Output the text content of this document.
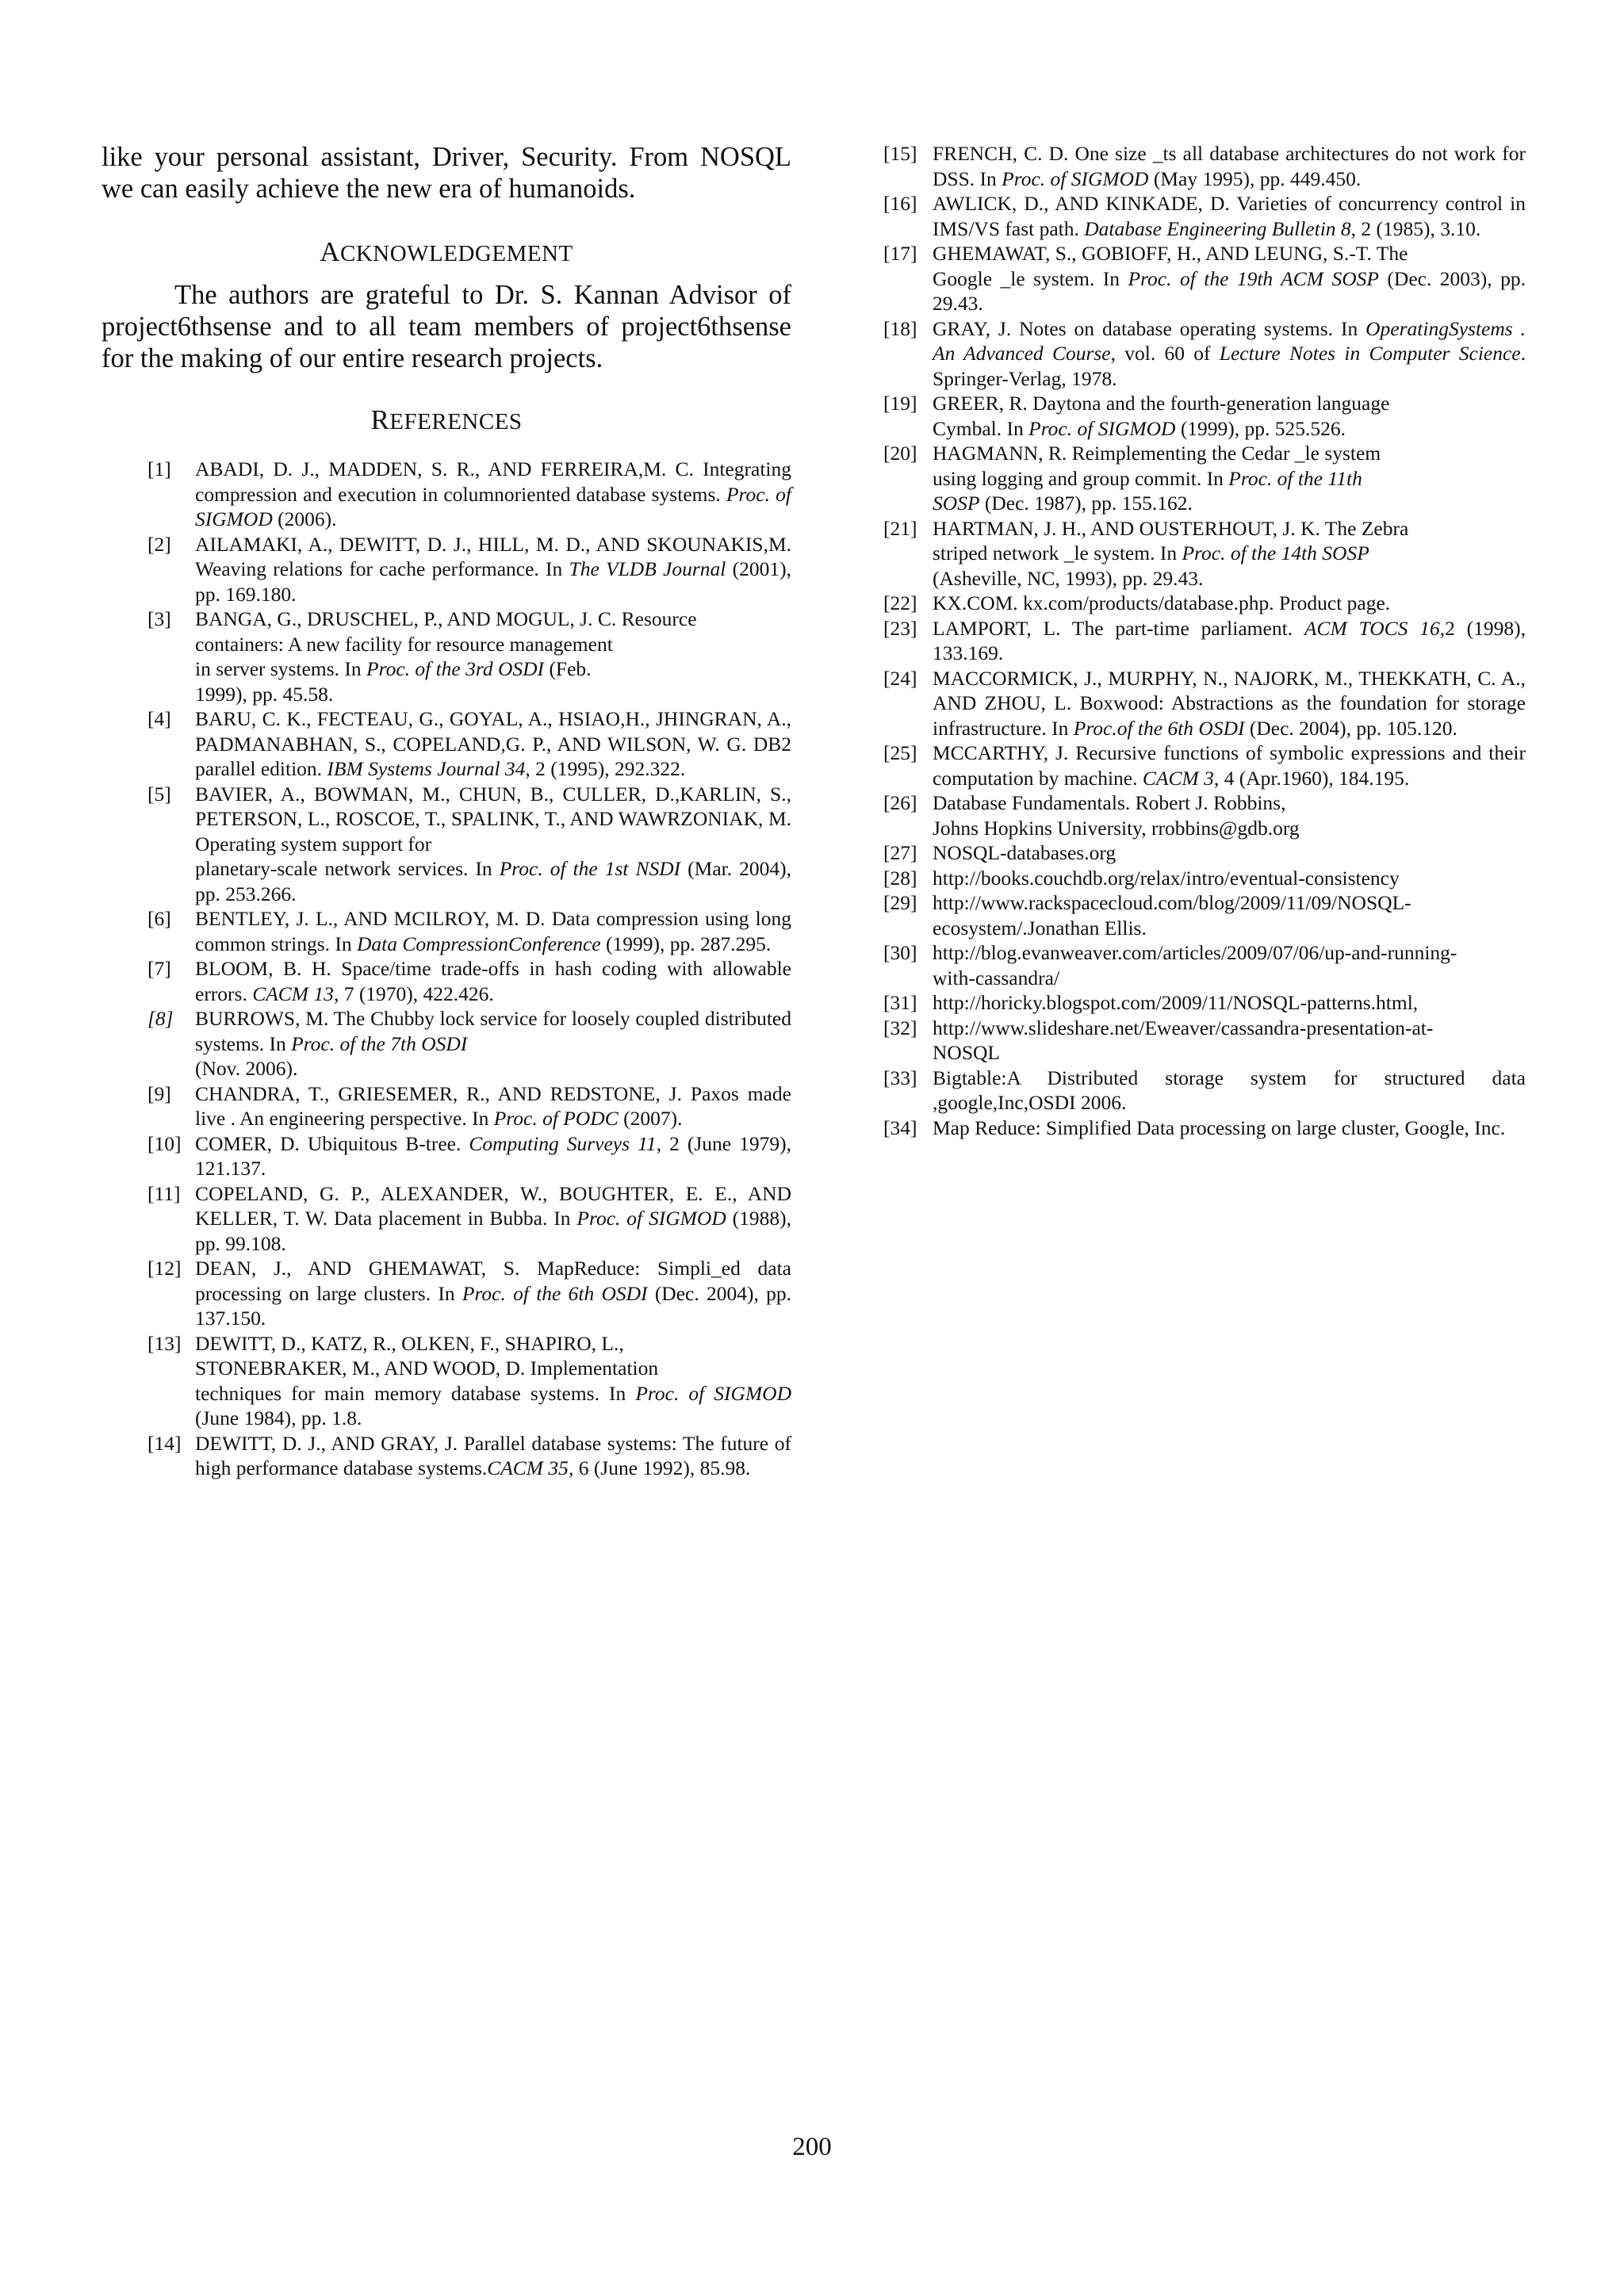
like your personal assistant, Driver, Security. From NOSQL we can easily achieve the new era of humanoids.

ACKNOWLEDGEMENT

The authors are grateful to Dr. S. Kannan Advisor of project6thsense and to all team members of project6thsense for the making of our entire research projects.

REFERENCES
[1]	ABADI, D. J., MADDEN, S. R., AND FERREIRA,M. C. Integrating compression and execution in columnoriented database systems. Proc. of SIGMOD (2006).
[2]	AILAMAKI, A., DEWITT, D. J., HILL, M. D., AND SKOUNAKIS,M. Weaving relations for cache performance. In The VLDB Journal (2001), pp. 169.180.
[3]	BANGA, G., DRUSCHEL, P., AND MOGUL, J. C. Resource
containers: A new facility for resource management
in server systems. In Proc. of the 3rd OSDI (Feb.
1999), pp. 45.58.
[4]	BARU, C. K., FECTEAU, G., GOYAL, A., HSIAO,H., JHINGRAN, A., PADMANABHAN, S., COPELAND,G. P., AND WILSON, W. G. DB2 parallel edition. IBM Systems Journal 34, 2 (1995), 292.322.
[5]	BAVIER, A., BOWMAN, M., CHUN, B., CULLER, D.,KARLIN, S., PETERSON, L., ROSCOE, T., SPALINK, T., AND WAWRZONIAK, M. Operating system support for
planetary-scale network services. In Proc. of the 1st NSDI (Mar. 2004), pp. 253.266.
[6]	BENTLEY, J. L., AND MCILROY, M. D. Data compression using long common strings. In Data CompressionConference (1999), pp. 287.295.
[7]	BLOOM, B. H. Space/time trade-offs in hash coding with allowable errors. CACM 13, 7 (1970), 422.426.
[8]	BURROWS, M. The Chubby lock service for loosely coupled distributed systems. In Proc. of the 7th OSDI
(Nov. 2006).
[9]	CHANDRA, T., GRIESEMER, R., AND REDSTONE, J. Paxos made live . An engineering perspective. In Proc. of PODC (2007).
[10] COMER, D. Ubiquitous B-tree. Computing Surveys 11, 2 (June 1979), 121.137.
[11] COPELAND, G. P., ALEXANDER, W., BOUGHTER, E. E., AND KELLER, T. W. Data placement in Bubba. In Proc. of SIGMOD (1988), pp. 99.108.
[12] DEAN, J., AND GHEMAWAT, S. MapReduce: Simpli_ed data processing on large clusters. In Proc. of the 6th OSDI (Dec. 2004), pp. 137.150.
[13] DEWITT, D., KATZ, R., OLKEN, F., SHAPIRO, L.,
STONEBRAKER, M., AND WOOD, D. Implementation
techniques for main memory database systems. In Proc. of SIGMOD (June 1984), pp. 1.8.
[14] DEWITT, D. J., AND GRAY, J. Parallel database systems: The future of high performance database systems.CACM 35, 6 (June 1992), 85.98.
[15] FRENCH, C. D. One size _ts all database architectures do not work for DSS. In Proc. of SIGMOD (May 1995), pp. 449.450.
[16] AWLICK, D., AND KINKADE, D. Varieties of concurrency control in IMS/VS fast path. Database Engineering Bulletin 8, 2 (1985), 3.10.
[17] GHEMAWAT, S., GOBIOFF, H., AND LEUNG, S.-T. The
Google _le system. In Proc. of the 19th ACM SOSP (Dec. 2003), pp. 29.43.
[18] GRAY, J. Notes on database operating systems. In OperatingSystems . An Advanced Course, vol. 60 of Lecture Notes in Computer Science. Springer-Verlag, 1978.
[19] GREER, R. Daytona and the fourth-generation language
Cymbal. In Proc. of SIGMOD (1999), pp. 525.526.
[20] HAGMANN, R. Reimplementing the Cedar _le system
using logging and group commit. In Proc. of the 11th
SOSP (Dec. 1987), pp. 155.162.
[21] HARTMAN, J. H., AND OUSTERHOUT, J. K. The Zebra
striped network _le system. In Proc. of the 14th SOSP
(Asheville, NC, 1993), pp. 29.43.
[22] KX.COM. kx.com/products/database.php. Product page.
[23] LAMPORT, L. The part-time parliament. ACM TOCS 16,2 (1998), 133.169.
[24] MACCORMICK, J., MURPHY, N., NAJORK, M., THEKKATH, C. A., AND ZHOU, L. Boxwood: Abstractions as the foundation for storage infrastructure. In Proc.of the 6th OSDI (Dec. 2004), pp. 105.120.
[25] MCCARTHY, J. Recursive functions of symbolic expressions and their computation by machine. CACM 3, 4 (Apr.1960), 184.195.
[26] Database Fundamentals. Robert J. Robbins,
Johns Hopkins University, rrobbins@gdb.org
[27] NOSQL-databases.org
[28] http://books.couchdb.org/relax/intro/eventual-consistency
[29] http://www.rackspacecloud.com/blog/2009/11/09/NOSQL-
ecosystem/.Jonathan Ellis.
[30] http://blog.evanweaver.com/articles/2009/07/06/up-and-running-
with-cassandra/
[31] http://horicky.blogspot.com/2009/11/NOSQL-patterns.html,
[32] http://www.slideshare.net/Eweaver/cassandra-presentation-at-
NOSQL
[33] Bigtable:A Distributed storage system for structured data ,google,Inc,OSDI 2006.
[34] Map Reduce: Simplified Data processing on large cluster, Google, Inc.
200
